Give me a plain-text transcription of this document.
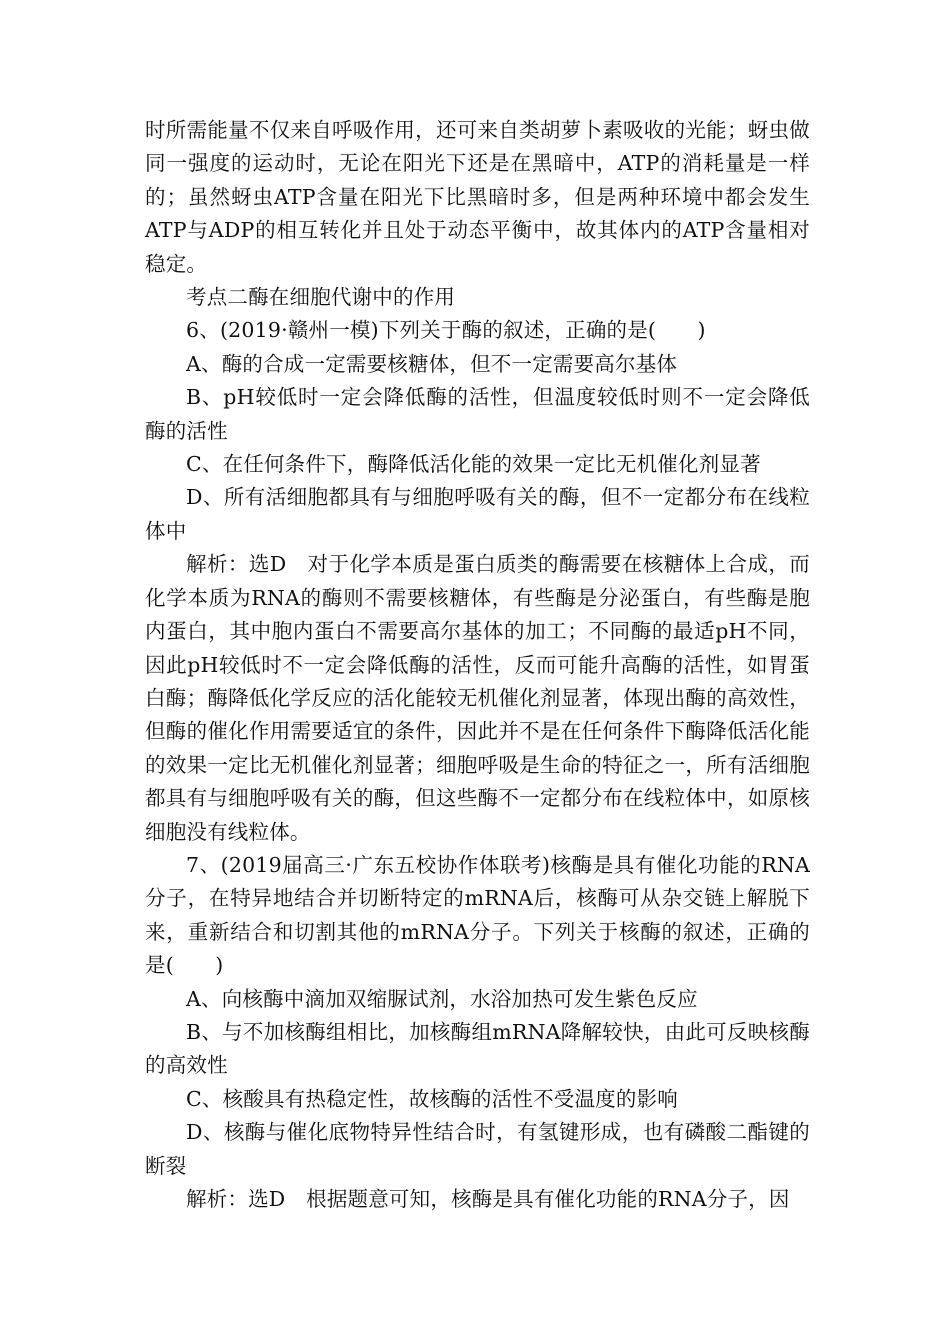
时所需能量不仅来自呼吸作用，还可来自类胡萝卜素吸收的光能；蚜虫做同一强度的运动时，无论在阳光下还是在黑暗中，ATP的消耗量是一样的；虽然蚜虫ATP含量在阳光下比黑暗时多，但是两种环境中都会发生ATP与ADP的相互转化并且处于动态平衡中，故其体内的ATP含量相对稳定。

考点二酶在细胞代谢中的作用

6、(2019·赣州一模)下列关于酶的叙述，正确的是(　　)

A、酶的合成一定需要核糖体，但不一定需要高尔基体

B、pH较低时一定会降低酶的活性，但温度较低时则不一定会降低酶的活性

C、在任何条件下，酶降低活化能的效果一定比无机催化剂显著

D、所有活细胞都具有与细胞呼吸有关的酶，但不一定都分布在线粒体中

解析：选D　对于化学本质是蛋白质类的酶需要在核糖体上合成，而化学本质为RNA的酶则不需要核糖体，有些酶是分泌蛋白，有些酶是胞内蛋白，其中胞内蛋白不需要高尔基体的加工；不同酶的最适pH不同，因此pH较低时不一定会降低酶的活性，反而可能升高酶的活性，如胃蛋白酶；酶降低化学反应的活化能较无机催化剂显著，体现出酶的高效性，但酶的催化作用需要适宜的条件，因此并不是在任何条件下酶降低活化能的效果一定比无机催化剂显著；细胞呼吸是生命的特征之一，所有活细胞都具有与细胞呼吸有关的酶，但这些酶不一定都分布在线粒体中，如原核细胞没有线粒体。

7、(2019届高三·广东五校协作体联考)核酶是具有催化功能的RNA分子，在特异地结合并切断特定的mRNA后，核酶可从杂交链上解脱下来，重新结合和切割其他的mRNA分子。下列关于核酶的叙述，正确的是(　　)

A、向核酶中滴加双缩脲试剂，水浴加热可发生紫色反应

B、与不加核酶组相比，加核酶组mRNA降解较快，由此可反映核酶的高效性

C、核酸具有热稳定性，故核酶的活性不受温度的影响

D、核酶与催化底物特异性结合时，有氢键形成，也有磷酸二酯键的断裂

解析：选D　根据题意可知，核酶是具有催化功能的RNA分子，因
